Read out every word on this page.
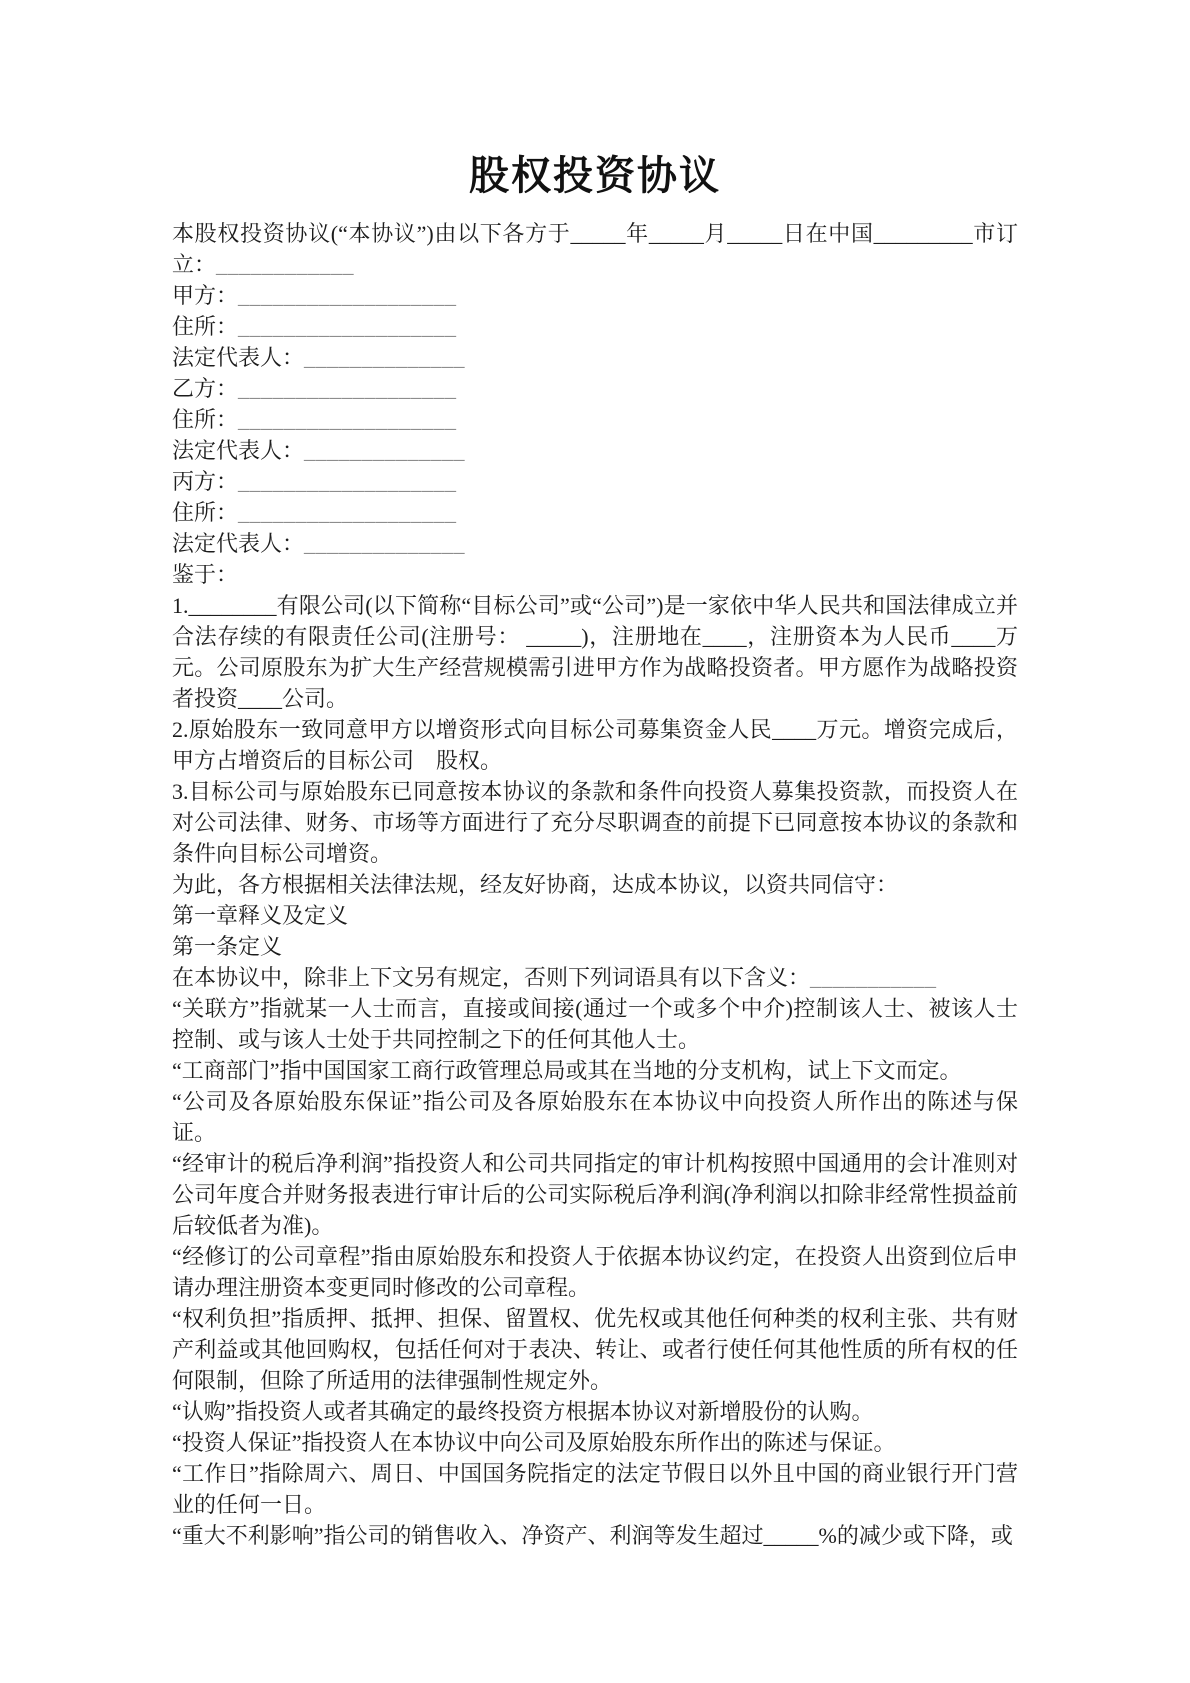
股权投资协议

本股权投资协议(“本协议”)由以下各方于_____年_____月_____日在中国_________市订立：____________

甲方：___________________

住所：___________________

法定代表人：______________

乙方：___________________

住所：___________________

法定代表人：______________

丙方：___________________

住所：___________________

法定代表人：______________

鉴于：

1.________有限公司(以下简称“目标公司”或“公司”)是一家依中华人民共和国法律成立并合法存续的有限责任公司(注册号： _____)，注册地在____，注册资本为人民币____万元。公司原股东为扩大生产经营规模需引进甲方作为战略投资者。甲方愿作为战略投资者投资____公司。

2.原始股东一致同意甲方以增资形式向目标公司募集资金人民____万元。增资完成后，甲方占增资后的目标公司　股权。

3.目标公司与原始股东已同意按本协议的条款和条件向投资人募集投资款，而投资人在对公司法律、财务、市场等方面进行了充分尽职调查的前提下已同意按本协议的条款和条件向目标公司增资。

为此，各方根据相关法律法规，经友好协商，达成本协议，以资共同信守：

第一章释义及定义

第一条定义

在本协议中，除非上下文另有规定，否则下列词语具有以下含义：___________

“关联方”指就某一人士而言，直接或间接(通过一个或多个中介)控制该人士、被该人士控制、或与该人士处于共同控制之下的任何其他人士。

“工商部门”指中国国家工商行政管理总局或其在当地的分支机构，试上下文而定。

“公司及各原始股东保证”指公司及各原始股东在本协议中向投资人所作出的陈述与保证。

“经审计的税后净利润”指投资人和公司共同指定的审计机构按照中国通用的会计准则对公司年度合并财务报表进行审计后的公司实际税后净利润(净利润以扣除非经常性损益前后较低者为准)。

“经修订的公司章程”指由原始股东和投资人于依据本协议约定，在投资人出资到位后申请办理注册资本变更同时修改的公司章程。

“权利负担”指质押、抵押、担保、留置权、优先权或其他任何种类的权利主张、共有财产利益或其他回购权，包括任何对于表决、转让、或者行使任何其他性质的所有权的任何限制，但除了所适用的法律强制性规定外。

“认购”指投资人或者其确定的最终投资方根据本协议对新增股份的认购。

“投资人保证”指投资人在本协议中向公司及原始股东所作出的陈述与保证。

“工作日”指除周六、周日、中国国务院指定的法定节假日以外且中国的商业银行开门营业的任何一日。

“重大不利影响”指公司的销售收入、净资产、利润等发生超过_____%的减少或下降，或
